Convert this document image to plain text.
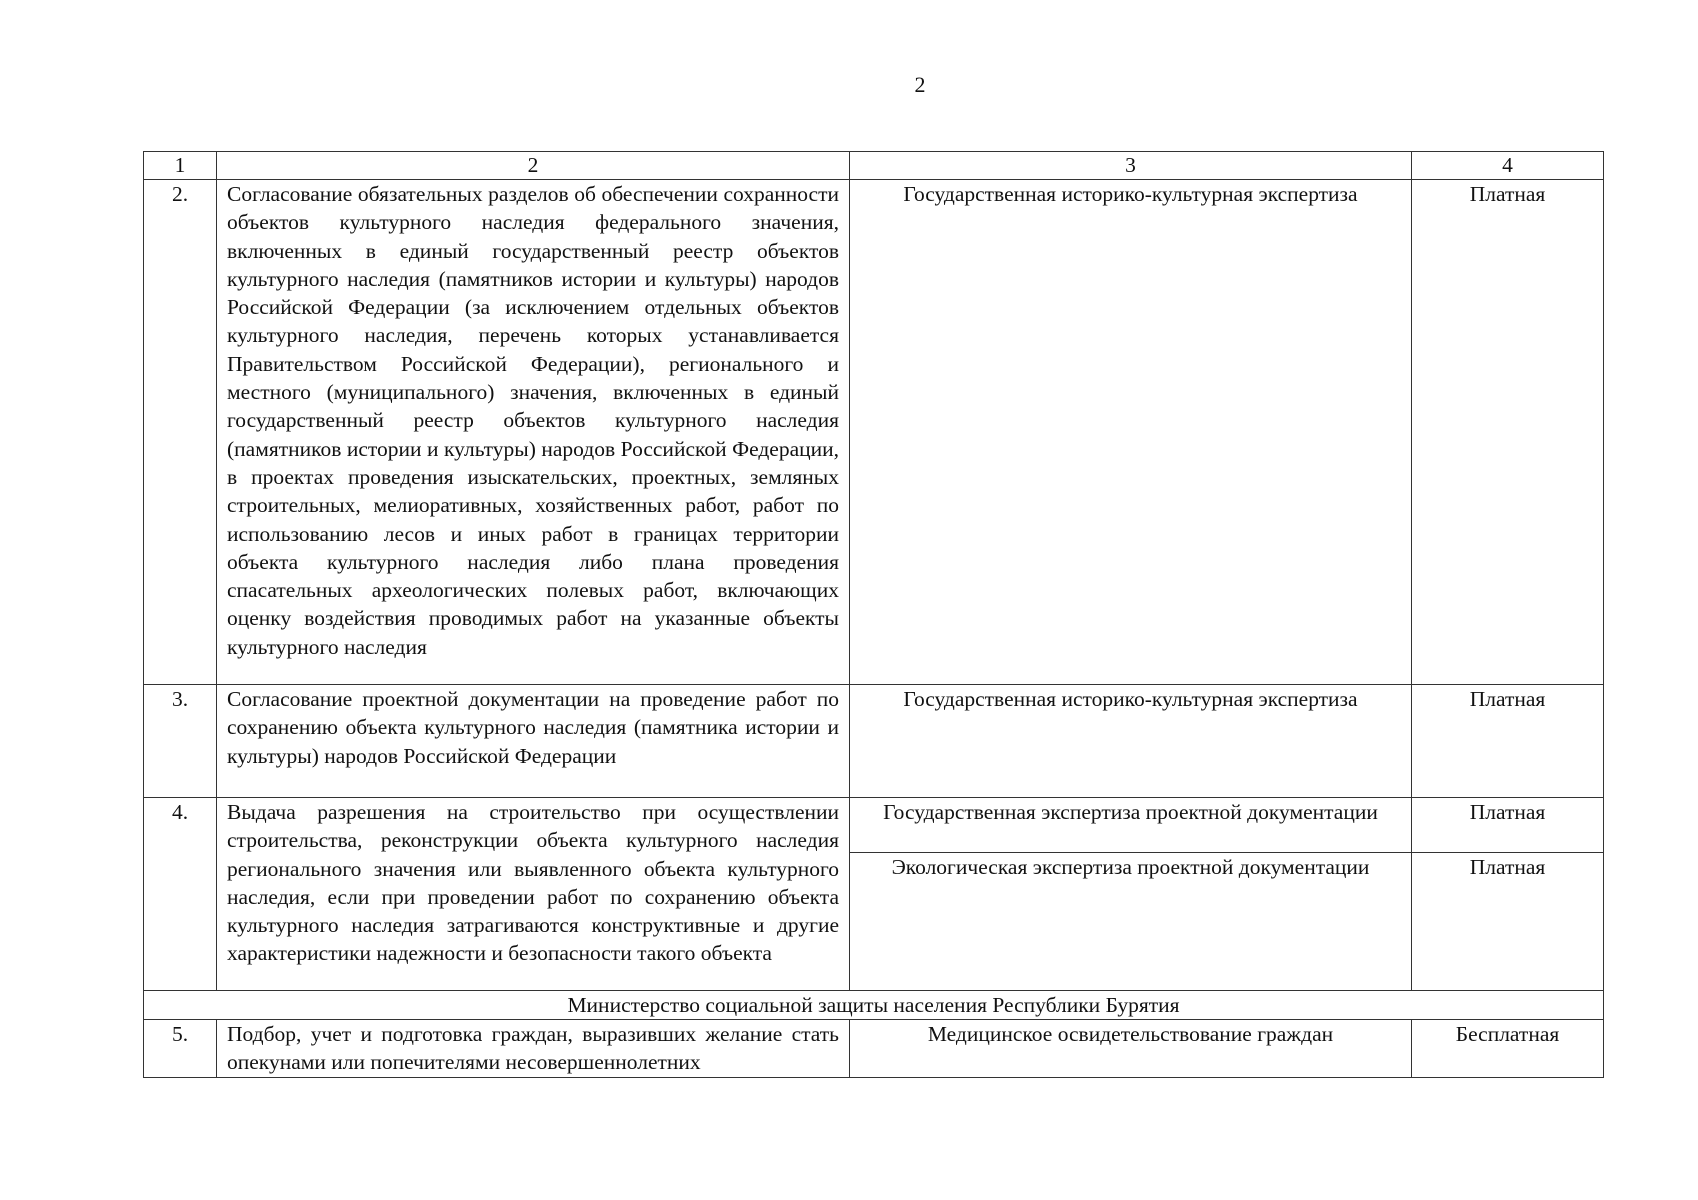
2
1	2	3	4
2.	Согласование обязательных разделов об обеспечении сохранности объектов культурного наследия федерального значения, включенных в единый государственный реестр объектов культурного наследия (памятников истории и культуры) народов Российской Федерации (за исключением отдельных объектов культурного наследия, перечень которых устанавливается Правительством Российской Федерации), регионального и местного (муниципального) значения, включенных в единый государственный реестр объектов культурного наследия (памятников истории и культуры) народов Российской Федерации, в проектах проведения изыскательских, проектных, земляных строительных, мелиоративных, хозяйственных работ, работ по использованию лесов и иных работ в границах территории объекта культурного наследия либо плана проведения спасательных археологических полевых работ, включающих оценку воздействия проводимых работ на указанные объекты культурного наследия	Государственная историко-культурная экспертиза	Платная
3.	Согласование проектной документации на проведение работ по сохранению объекта культурного наследия (памятника истории и культуры) народов Российской Федерации	Государственная историко-культурная экспертиза	Платная
4.	Выдача разрешения на строительство при осуществлении строительства, реконструкции объекта культурного наследия регионального значения или выявленного объекта культурного наследия, если при проведении работ по сохранению объекта культурного наследия затрагиваются конструктивные и другие характеристики надежности и безопасности такого объекта	Государственная экспертиза проектной документации	Платная
		Экологическая экспертиза проектной документации	Платная
Министерство социальной защиты населения Республики Бурятия			
5.	Подбор, учет и подготовка граждан, выразивших желание стать опекунами или попечителями несовершеннолетних	Медицинское освидетельствование граждан	Бесплатная
